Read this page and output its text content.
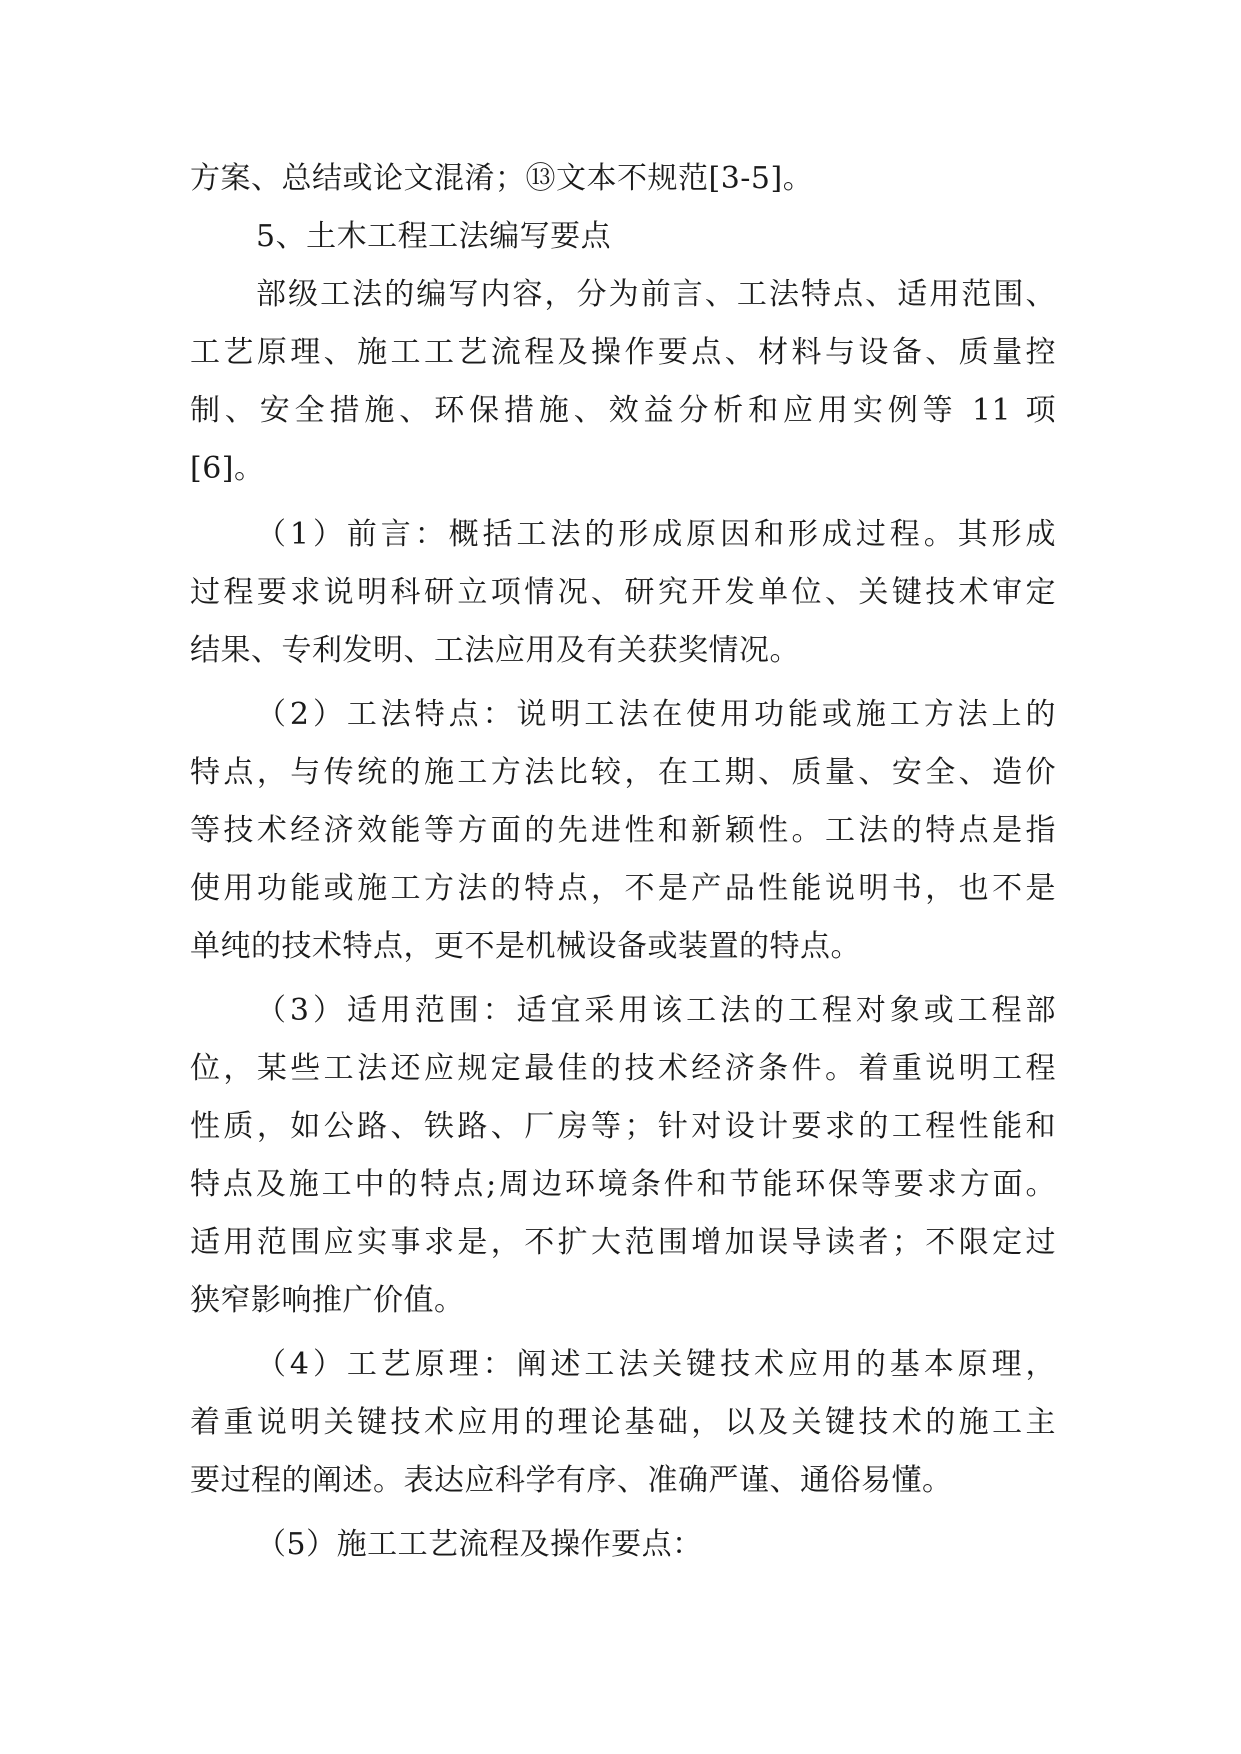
方案、总结或论文混淆；⑬文本不规范[3-5]。
5、土木工程工法编写要点
部级工法的编写内容，分为前言、工法特点、适用范围、
工艺原理、施工工艺流程及操作要点、材料与设备、质量控
制、安全措施、环保措施、效益分析和应用实例等 11 项
[6]。
（1）前言：概括工法的形成原因和形成过程。其形成
过程要求说明科研立项情况、研究开发单位、关键技术审定
结果、专利发明、工法应用及有关获奖情况。
（2）工法特点：说明工法在使用功能或施工方法上的
特点，与传统的施工方法比较，在工期、质量、安全、造价
等技术经济效能等方面的先进性和新颖性。工法的特点是指
使用功能或施工方法的特点，不是产品性能说明书，也不是
单纯的技术特点，更不是机械设备或装置的特点。
（3）适用范围：适宜采用该工法的工程对象或工程部
位，某些工法还应规定最佳的技术经济条件。着重说明工程
性质，如公路、铁路、厂房等；针对设计要求的工程性能和
特点及施工中的特点;周边环境条件和节能环保等要求方面。
适用范围应实事求是，不扩大范围增加误导读者；不限定过
狭窄影响推广价值。
（4）工艺原理：阐述工法关键技术应用的基本原理，
着重说明关键技术应用的理论基础，以及关键技术的施工主
要过程的阐述。表达应科学有序、准确严谨、通俗易懂。
（5）施工工艺流程及操作要点：
